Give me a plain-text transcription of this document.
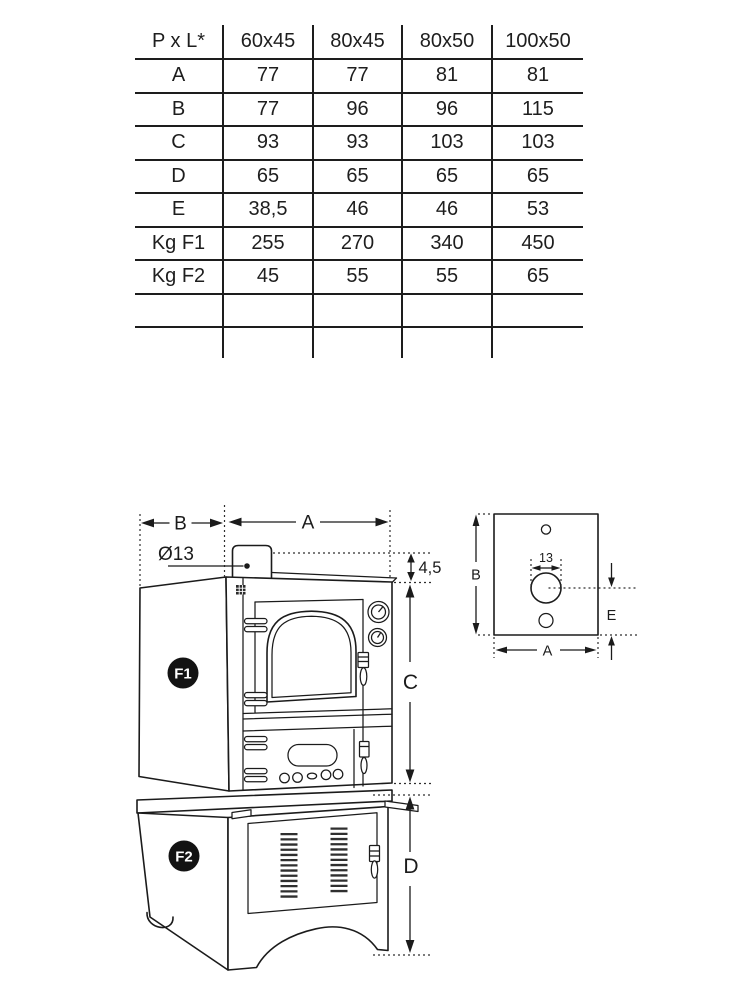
P x L*	60x45	80x45	80x50	100x50
A	77	77	81	81
B	77	96	96	115
C	93	93	103	103
D	65	65	65	65
E	38,5	46	46	53
Kg F1	255	270	340	450
Kg F2	45	55	55	65

F2
F1
B	A
Ø13
4,5
C
D
13
B
A
E
